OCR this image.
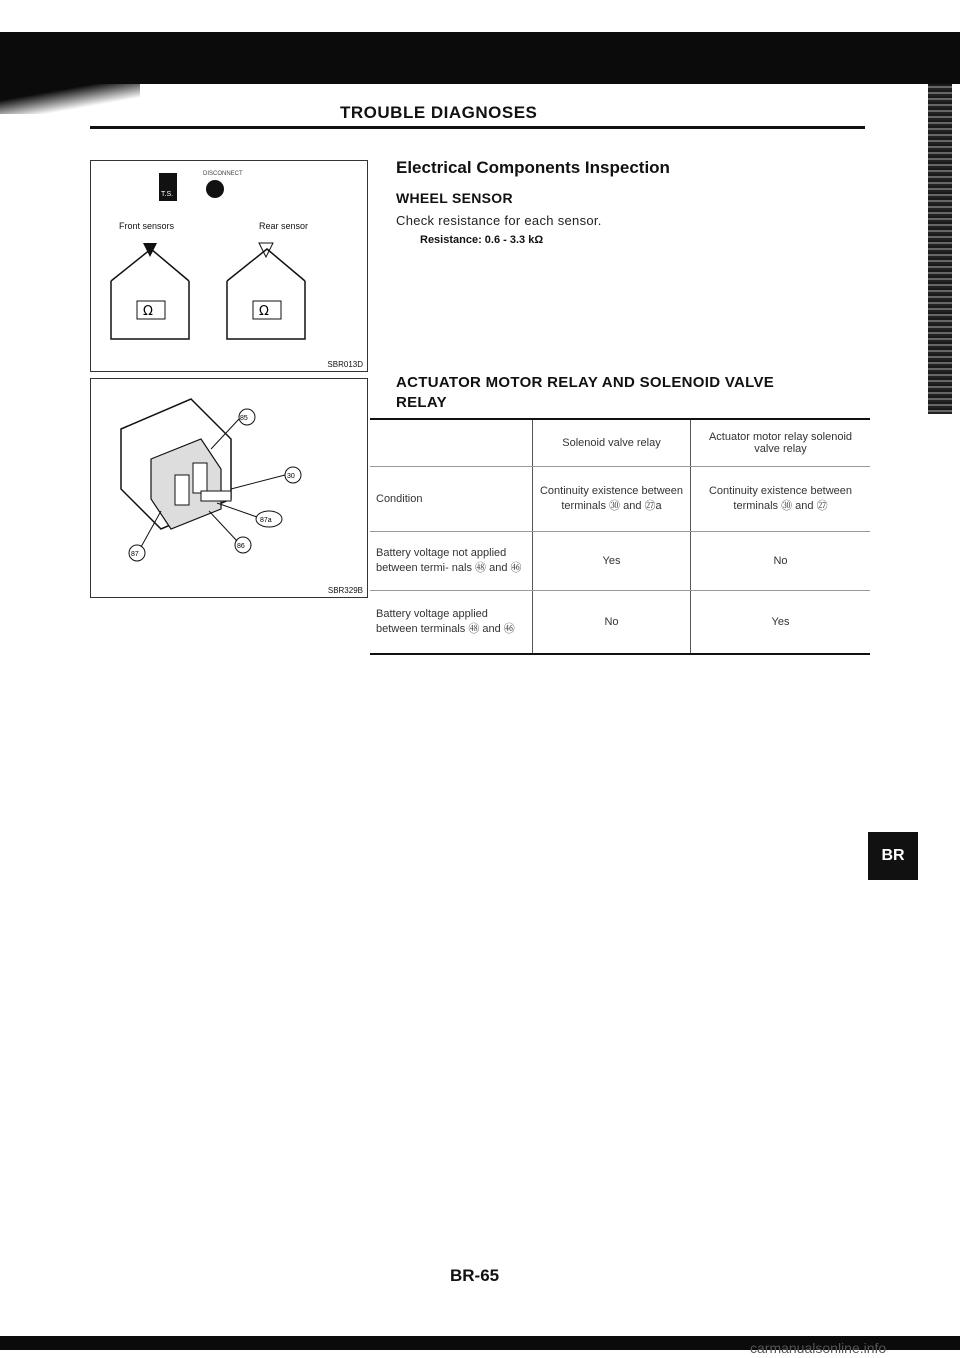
TROUBLE DIAGNOSES
T.S.
DISCONNECT
Ω	Ω
Front sensors	Rear sensor
SBR013D
85
30
87a
86
87
SBR329B
Electrical Components Inspection
WHEEL SENSOR
Check resistance for each sensor.
Resistance: 0.6 - 3.3 kΩ
ACTUATOR MOTOR RELAY AND SOLENOID VALVE
RELAY
	Solenoid valve relay	Actuator motor relay solenoid valve relay
Condition	Continuity existence between terminals ㉚ and ㉗a	Continuity existence between terminals ㉚ and ㉗
Battery voltage not applied between termi- nals ㊽ and ㊻	Yes	No
Battery voltage applied between terminals ㊽ and ㊻	No	Yes
BR
BR-65
carmanualsonline.info
